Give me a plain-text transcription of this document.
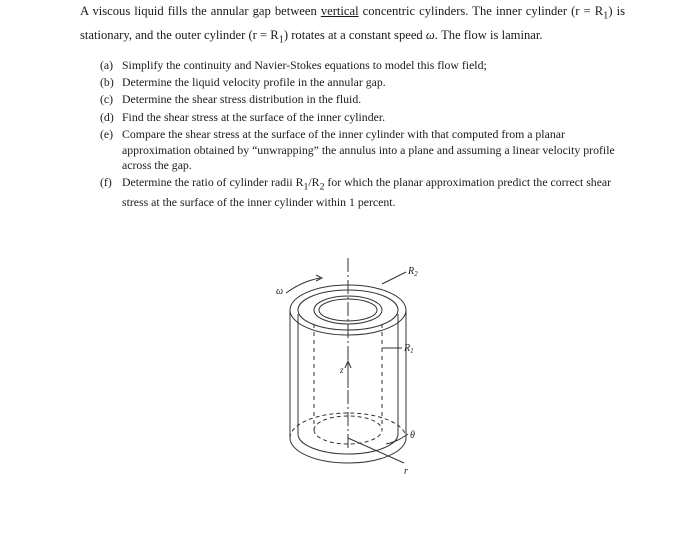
A viscous liquid fills the annular gap between vertical concentric cylinders. The inner cylinder $(r = R_1)$ is stationary, and the outer cylinder $(r = R_1)$ rotates at a constant speed ω. The flow is laminar.
(a) Simplify the continuity and Navier-Stokes equations to model this flow field;
(b) Determine the liquid velocity profile in the annular gap.
(c) Determine the shear stress distribution in the fluid.
(d) Find the shear stress at the surface of the inner cylinder.
(e) Compare the shear stress at the surface of the inner cylinder with that computed from a planar approximation obtained by “unwrapping” the annulus into a plane and assuming a linear velocity profile across the gap.
(f) Determine the ratio of cylinder radii $R_1/R_2$ for which the planar approximation predict the correct shear stress at the surface of the inner cylinder within 1 percent.
ω
$R_2$
$R_1$
z
θ
r
